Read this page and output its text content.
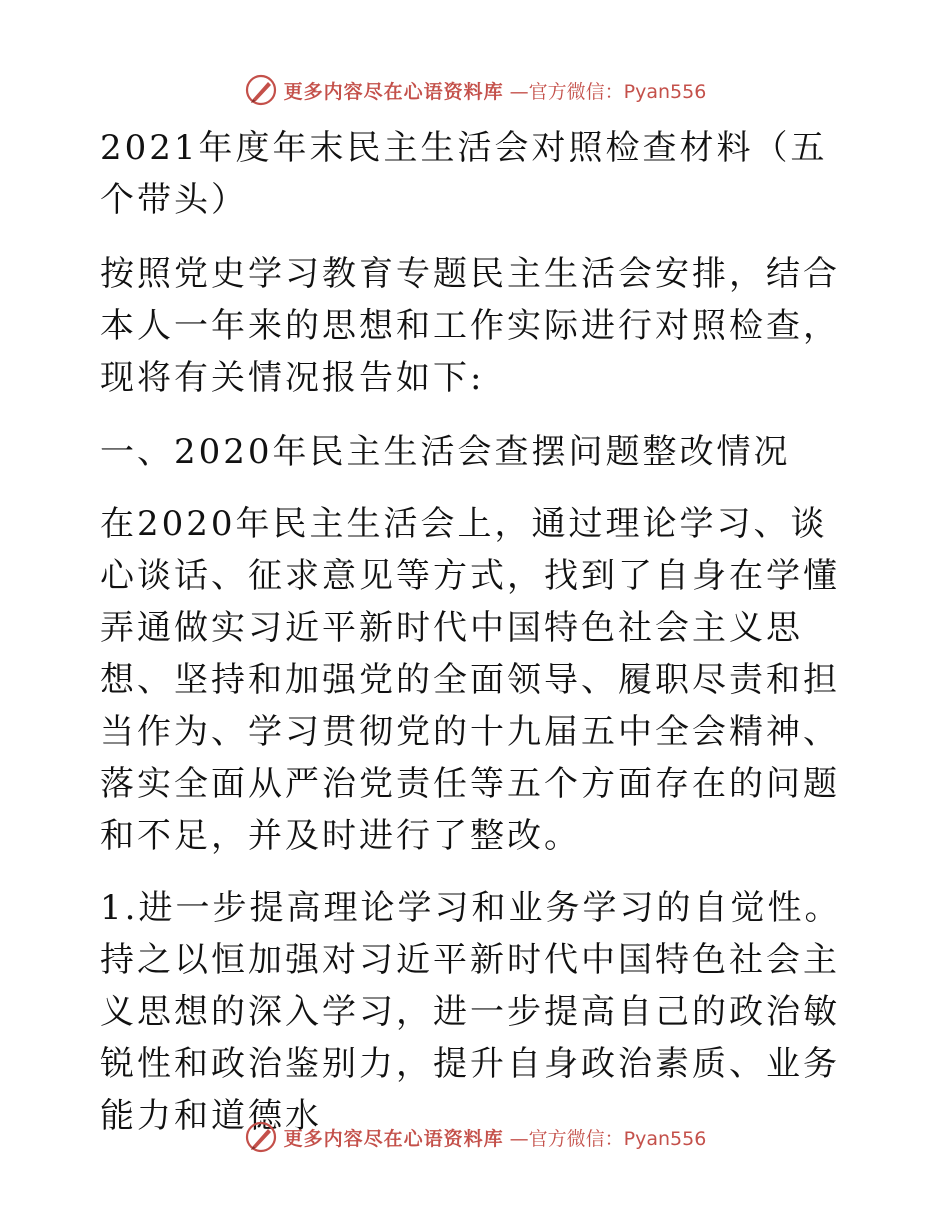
更多内容尽在心语资料库 —官方微信：Pyan556

2021年度年末民主生活会对照检查材料（五个带头）

按照党史学习教育专题民主生活会安排，结合本人一年来的思想和工作实际进行对照检查，现将有关情况报告如下:

一、2020年民主生活会查摆问题整改情况

在2020年民主生活会上，通过理论学习、谈心谈话、征求意见等方式，找到了自身在学懂弄通做实习近平新时代中国特色社会主义思想、坚持和加强党的全面领导、履职尽责和担当作为、学习贯彻党的十九届五中全会精神、落实全面从严治党责任等五个方面存在的问题和不足，并及时进行了整改。

1.进一步提高理论学习和业务学习的自觉性。持之以恒加强对习近平新时代中国特色社会主义思想的深入学习，进一步提高自己的政治敏锐性和政治鉴别力，提升自身政治素质、业务能力和道德水

更多内容尽在心语资料库 —官方微信：Pyan556
